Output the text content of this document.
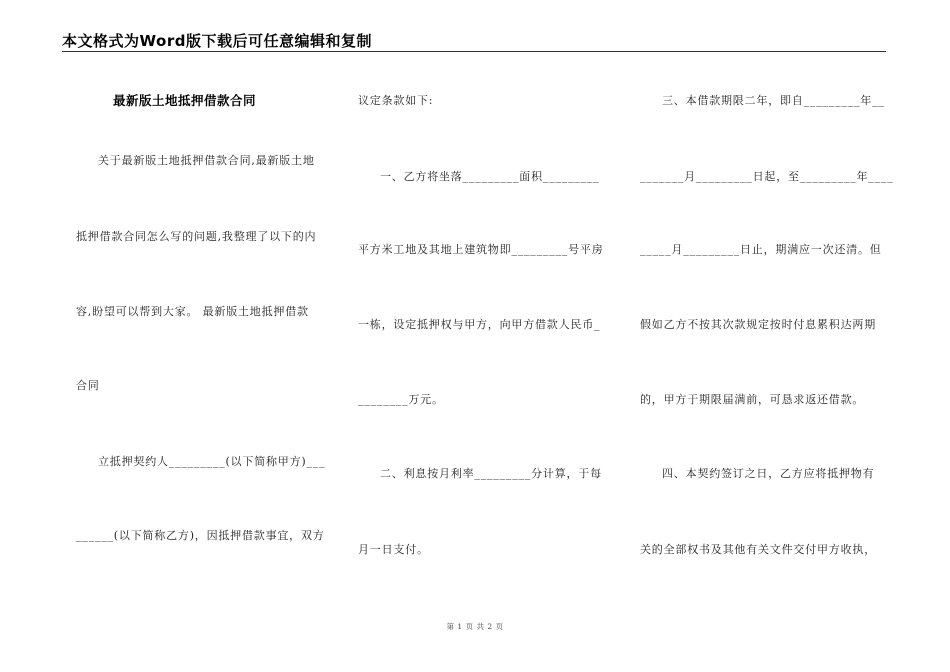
本文格式为Word版下载后可任意编辑和复制
最新版土地抵押借款合同
关于最新版土地抵押借款合同,最新版土地
抵押借款合同怎么写的问题,我整理了以下的内
容,盼望可以帮到大家。 最新版土地抵押借款
合同
立抵押契约人_________(以下简称甲方)___
______(以下简称乙方)，因抵押借款事宜，双方
议定条款如下:
一、乙方将坐落_________面积_________
平方米工地及其地上建筑物即_________号平房
一栋，设定抵押权与甲方，向甲方借款人民币_
________万元。
二、利息按月利率_________分计算，于每
月一日支付。
三、本借款期限二年，即自_________年__
_______月_________日起，至_________年____
_____月_________日止，期满应一次还清。但
假如乙方不按其次款规定按时付息累积达两期
的，甲方于期限届满前，可恳求返还借款。
四、本契约签订之日，乙方应将抵押物有
关的全部权书及其他有关文件交付甲方收执，
第 1 页 共 2 页
